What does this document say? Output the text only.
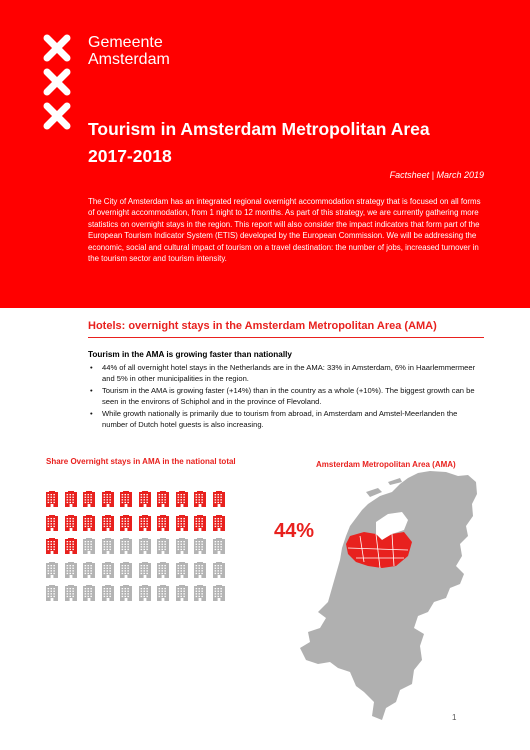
Gemeente
Amsterdam
Tourism in Amsterdam Metropolitan Area
2017-2018
Factsheet | March 2019

The City of Amsterdam has an integrated regional overnight accommodation strategy that is focused on all forms of overnight accommodation, from 1 night to 12 months. As part of this strategy, we are currently gathering more statistics on overnight stays in the region. This report will also consider the impact indicators that form part of the European Tourism Indicator System (ETIS) developed by the European Commission. We will be addressing the economic, social and cultural impact of tourism on a travel destination: the number of jobs, increased turnover in the tourism sector and tourism intensity.

Hotels: overnight stays in the Amsterdam Metropolitan Area (AMA)
Tourism in the AMA is growing faster than nationally
• 44% of all overnight hotel stays in the Netherlands are in the AMA: 33% in Amsterdam, 6% in Haarlemmermeer and 5% in other municipalities in the region.
• Tourism in the AMA is growing faster (+14%) than in the country as a whole (+10%). The biggest growth can be seen in the environs of Schiphol and in the province of Flevoland.
• While growth nationally is primarily due to tourism from abroad, in Amsterdam and Amstel-Meerlanden the number of Dutch hotel guests is also increasing.
Share Overnight stays in AMA in the national total	Amsterdam Metropolitan Area (AMA)
44%
1
